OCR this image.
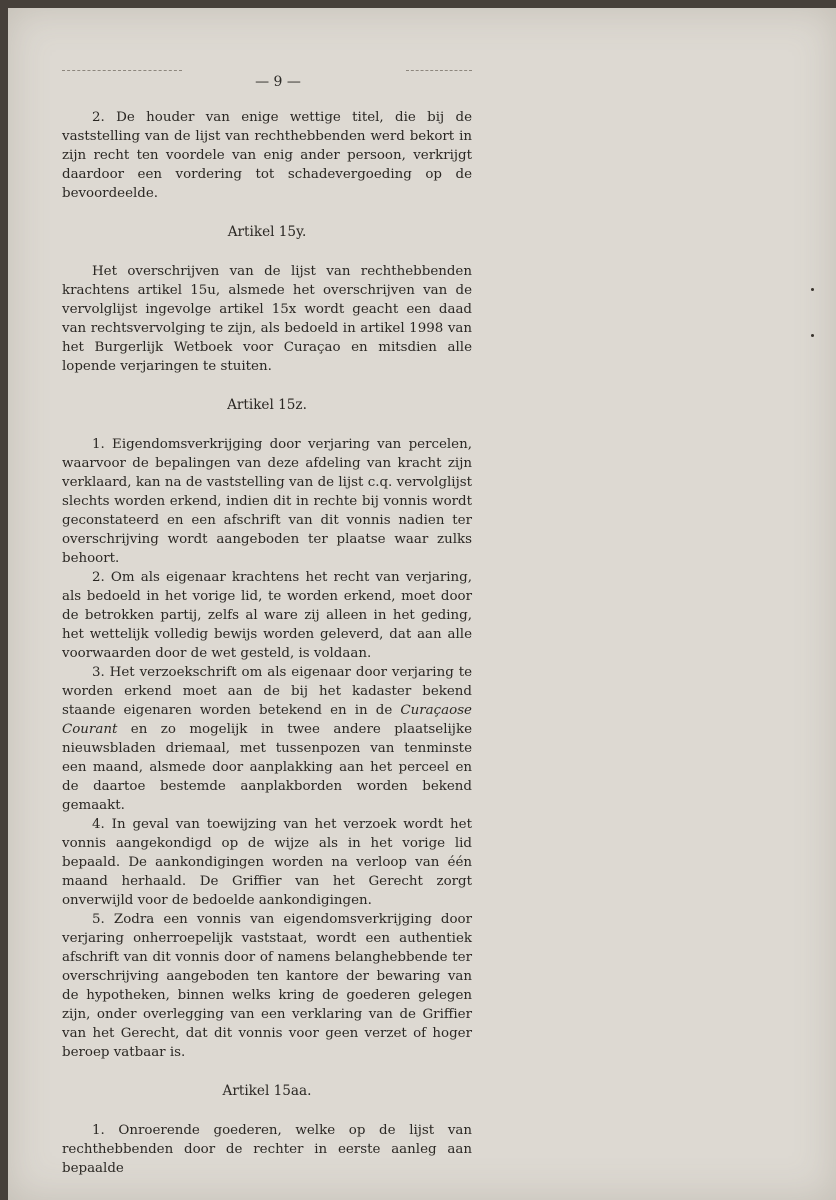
— 9 —

2. De houder van enige wettige titel, die bij de vaststelling van de lijst van rechthebbenden werd bekort in zijn recht ten voordele van enig ander persoon, verkrijgt daardoor een vordering tot schadevergoeding op de bevoordeelde.

Artikel 15y.

Het overschrijven van de lijst van rechthebbenden krachtens artikel 15u, alsmede het overschrijven van de vervolglijst ingevolge artikel 15x wordt geacht een daad van rechtsvervolging te zijn, als bedoeld in artikel 1998 van het Burgerlijk Wetboek voor Curaçao en mitsdien alle lopende verjaringen te stuiten.

Artikel 15z.

1. Eigendomsverkrijging door verjaring van percelen, waarvoor de bepalingen van deze afdeling van kracht zijn verklaard, kan na de vaststelling van de lijst c.q. vervolglijst slechts worden erkend, indien dit in rechte bij vonnis wordt geconstateerd en een afschrift van dit vonnis nadien ter overschrijving wordt aangeboden ter plaatse waar zulks behoort.

2. Om als eigenaar krachtens het recht van verjaring, als bedoeld in het vorige lid, te worden erkend, moet door de betrokken partij, zelfs al ware zij alleen in het geding, het wettelijk volledig bewijs worden geleverd, dat aan alle voorwaarden door de wet gesteld, is voldaan.

3. Het verzoekschrift om als eigenaar door verjaring te worden erkend moet aan de bij het kadaster bekend staande eigenaren worden betekend en in de Curaçaose Courant en zo mogelijk in twee andere plaatselijke nieuwsbladen driemaal, met tussenpozen van tenminste een maand, alsmede door aanplakking aan het perceel en de daartoe bestemde aanplakborden worden bekend gemaakt.

4. In geval van toewijzing van het verzoek wordt het vonnis aangekondigd op de wijze als in het vorige lid bepaald. De aankondigingen worden na verloop van één maand herhaald. De Griffier van het Gerecht zorgt onverwijld voor de bedoelde aankondigingen.

5. Zodra een vonnis van eigendomsverkrijging door verjaring onherroepelijk vaststaat, wordt een authentiek afschrift van dit vonnis door of namens belanghebbende ter overschrijving aangeboden ten kantore der bewaring van de hypotheken, binnen welks kring de goederen gelegen zijn, onder overlegging van een verklaring van de Griffier van het Gerecht, dat dit vonnis voor geen verzet of hoger beroep vatbaar is.

Artikel 15aa.

1. Onroerende goederen, welke op de lijst van rechthebbenden door de rechter in eerste aanleg aan bepaalde
